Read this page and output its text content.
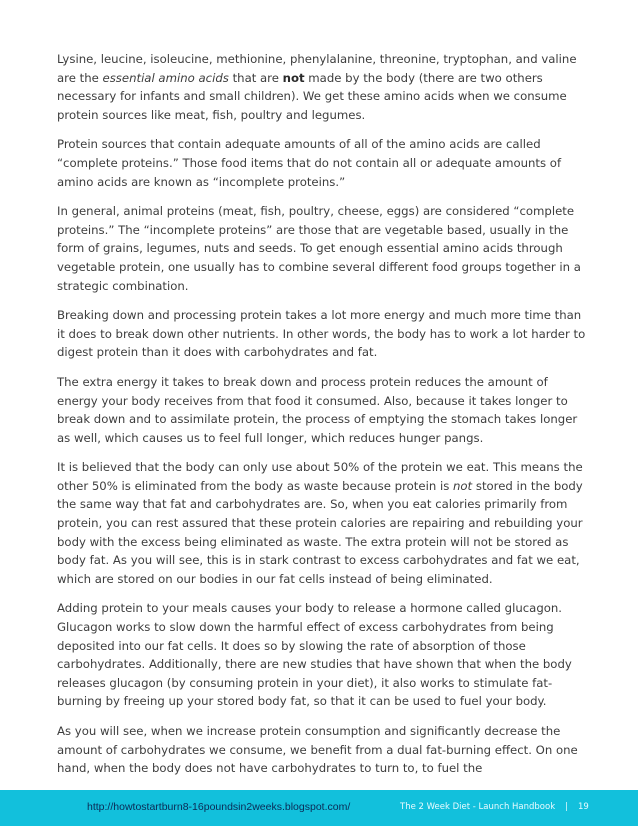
Lysine, leucine, isoleucine, methionine, phenylalanine, threonine, tryptophan, and valine are the essential amino acids that are not made by the body (there are two others necessary for infants and small children). We get these amino acids when we consume protein sources like meat, fish, poultry and legumes.

Protein sources that contain adequate amounts of all of the amino acids are called “complete proteins.” Those food items that do not contain all or adequate amounts of amino acids are known as “incomplete proteins.”

In general, animal proteins (meat, fish, poultry, cheese, eggs) are considered “complete proteins.” The “incomplete proteins” are those that are vegetable based, usually in the form of grains, legumes, nuts and seeds. To get enough essential amino acids through vegetable protein, one usually has to combine several different food groups together in a strategic combination.

Breaking down and processing protein takes a lot more energy and much more time than it does to break down other nutrients. In other words, the body has to work a lot harder to digest protein than it does with carbohydrates and fat.

The extra energy it takes to break down and process protein reduces the amount of energy your body receives from that food it consumed. Also, because it takes longer to break down and to assimilate protein, the process of emptying the stomach takes longer as well, which causes us to feel full longer, which reduces hunger pangs.

It is believed that the body can only use about 50% of the protein we eat. This means the other 50% is eliminated from the body as waste because protein is not stored in the body the same way that fat and carbohydrates are. So, when you eat calories primarily from protein, you can rest assured that these protein calories are repairing and rebuilding your body with the excess being eliminated as waste. The extra protein will not be stored as body fat. As you will see, this is in stark contrast to excess carbohydrates and fat we eat, which are stored on our bodies in our fat cells instead of being eliminated.

Adding protein to your meals causes your body to release a hormone called glucagon. Glucagon works to slow down the harmful effect of excess carbohydrates from being deposited into our fat cells. It does so by slowing the rate of absorption of those carbohydrates. Additionally, there are new studies that have shown that when the body releases glucagon (by consuming protein in your diet), it also works to stimulate fat-burning by freeing up your stored body fat, so that it can be used to fuel your body.

As you will see, when we increase protein consumption and significantly decrease the amount of carbohydrates we consume, we benefit from a dual fat-burning effect. On one hand, when the body does not have carbohydrates to turn to, to fuel the

http://howtostartburn8-16poundsin2weeks.blogspot.com/	The 2 Week Diet - Launch Handbook | 19
